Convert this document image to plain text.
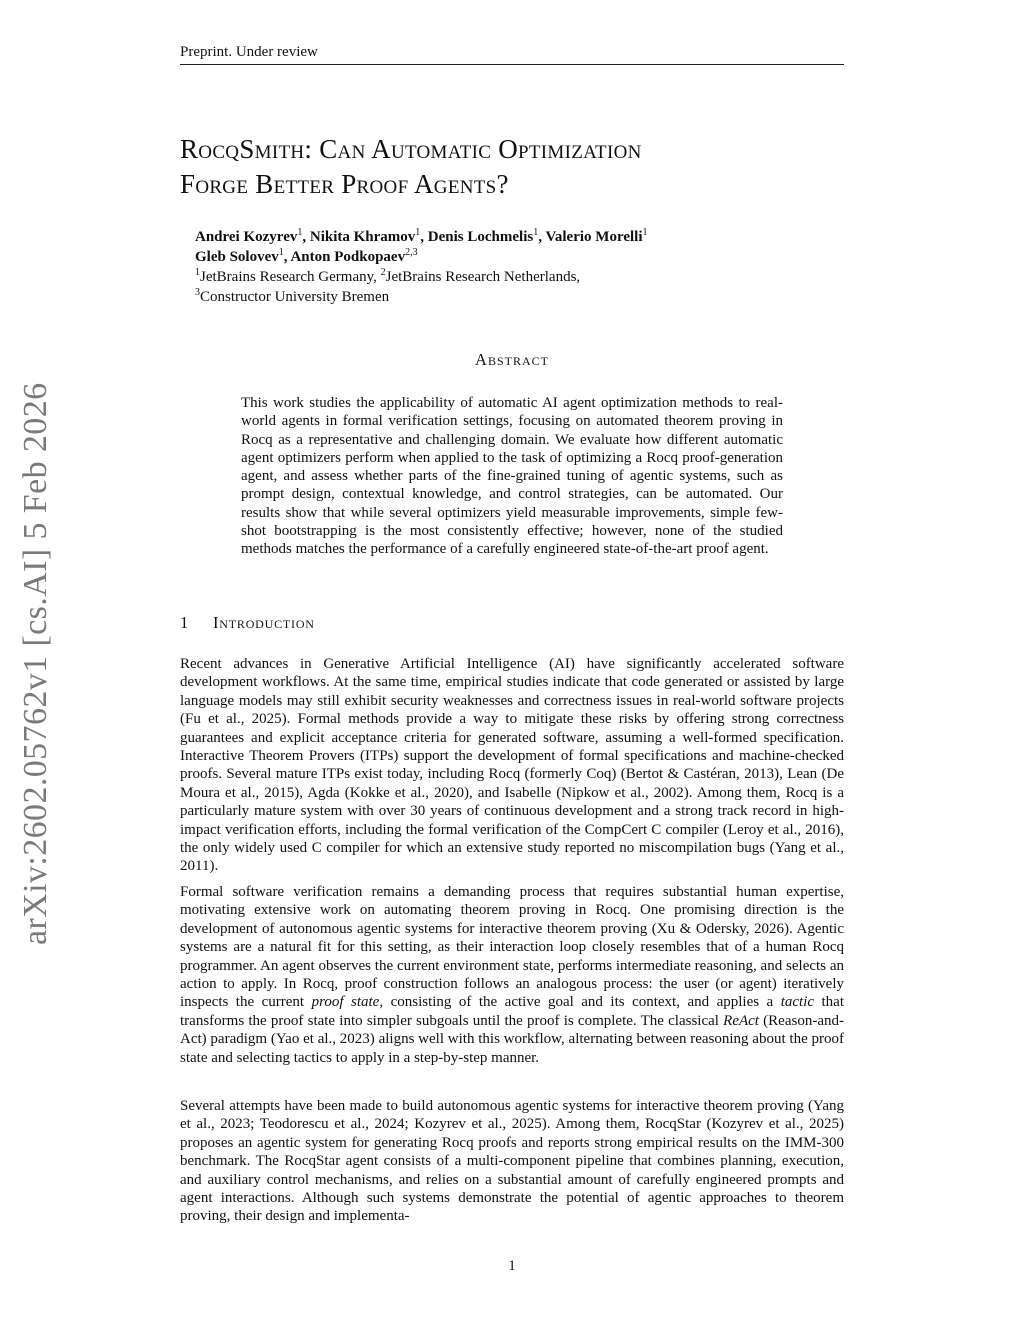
Preprint. Under review
arXiv:2602.05762v1 [cs.AI] 5 Feb 2026
RocqSmith: Can Automatic Optimization
Forge Better Proof Agents?
Andrei Kozyrev$^1$, Nikita Khramov$^1$, Denis Lochmelis$^1$, Valerio Morelli$^1$
Gleb Solovev$^1$, Anton Podkopaev$^{2,3}$
$^1$JetBrains Research Germany, $^2$JetBrains Research Netherlands,
$^3$Constructor University Bremen
Abstract
This work studies the applicability of automatic AI agent optimization methods to real-world agents in formal verification settings, focusing on automated theorem proving in Rocq as a representative and challenging domain. We evaluate how different automatic agent optimizers perform when applied to the task of optimizing a Rocq proof-generation agent, and assess whether parts of the fine-grained tuning of agentic systems, such as prompt design, contextual knowledge, and control strategies, can be automated. Our results show that while several optimizers yield measurable improvements, simple few-shot bootstrapping is the most consistently effective; however, none of the studied methods matches the performance of a carefully engineered state-of-the-art proof agent.
1 Introduction
Recent advances in Generative Artificial Intelligence (AI) have significantly accelerated software development workflows. At the same time, empirical studies indicate that code generated or assisted by large language models may still exhibit security weaknesses and correctness issues in real-world software projects (Fu et al., 2025). Formal methods provide a way to mitigate these risks by offering strong correctness guarantees and explicit acceptance criteria for generated software, assuming a well-formed specification. Interactive Theorem Provers (ITPs) support the development of formal specifications and machine-checked proofs. Several mature ITPs exist today, including Rocq (formerly Coq) (Bertot & Castéran, 2013), Lean (De Moura et al., 2015), Agda (Kokke et al., 2020), and Isabelle (Nipkow et al., 2002). Among them, Rocq is a particularly mature system with over 30 years of continuous development and a strong track record in high-impact verification efforts, including the formal verification of the CompCert C compiler (Leroy et al., 2016), the only widely used C compiler for which an extensive study reported no miscompilation bugs (Yang et al., 2011).
Formal software verification remains a demanding process that requires substantial human expertise, motivating extensive work on automating theorem proving in Rocq. One promising direction is the development of autonomous agentic systems for interactive theorem proving (Xu & Odersky, 2026). Agentic systems are a natural fit for this setting, as their interaction loop closely resembles that of a human Rocq programmer. An agent observes the current environment state, performs intermediate reasoning, and selects an action to apply. In Rocq, proof construction follows an analogous process: the user (or agent) iteratively inspects the current proof state, consisting of the active goal and its context, and applies a tactic that transforms the proof state into simpler subgoals until the proof is complete. The classical ReAct (Reason-and-Act) paradigm (Yao et al., 2023) aligns well with this workflow, alternating between reasoning about the proof state and selecting tactics to apply in a step-by-step manner.
Several attempts have been made to build autonomous agentic systems for interactive theorem proving (Yang et al., 2023; Teodorescu et al., 2024; Kozyrev et al., 2025). Among them, RocqStar (Kozyrev et al., 2025) proposes an agentic system for generating Rocq proofs and reports strong empirical results on the IMM-300 benchmark. The RocqStar agent consists of a multi-component pipeline that combines planning, execution, and auxiliary control mechanisms, and relies on a substantial amount of carefully engineered prompts and agent interactions. Although such systems demonstrate the potential of agentic approaches to theorem proving, their design and implementa-
1
